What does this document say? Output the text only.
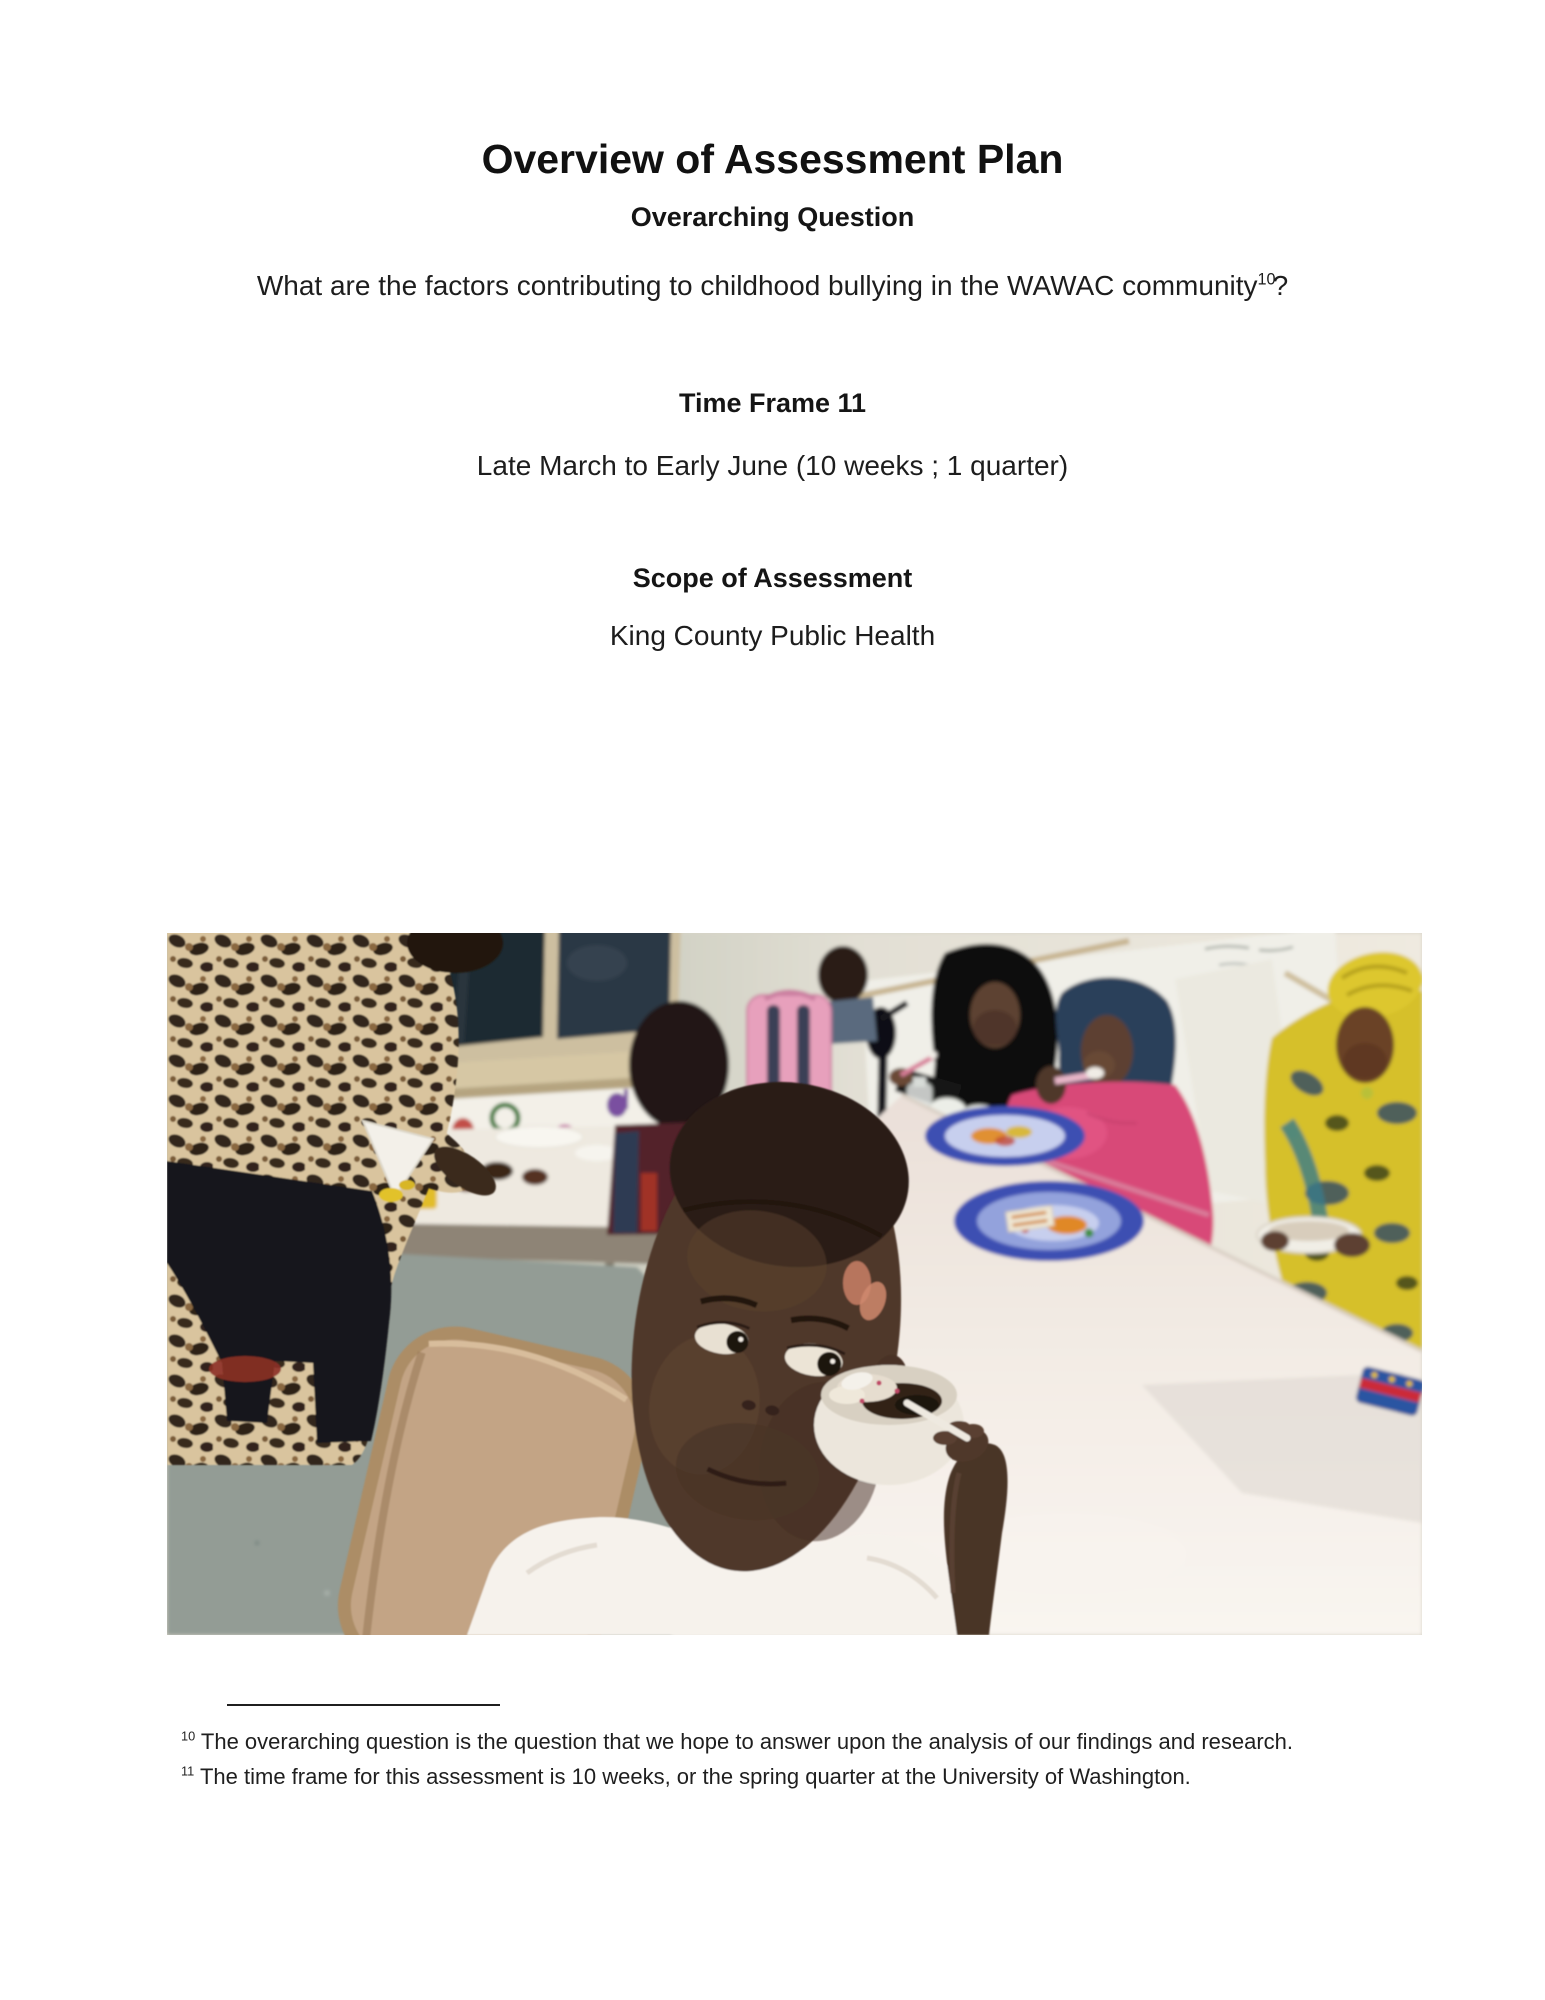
Overview of Assessment Plan
Overarching Question
What are the factors contributing to childhood bullying in the WAWAC community$^{10}$?
Time Frame 11
Late March to Early June (10 weeks ; 1 quarter)
Scope of Assessment
King County Public Health

$^{10}$ The overarching question is the question that we hope to answer upon the analysis of our findings and research.

$^{11}$ The time frame for this assessment is 10 weeks, or the spring quarter at the University of Washington.
